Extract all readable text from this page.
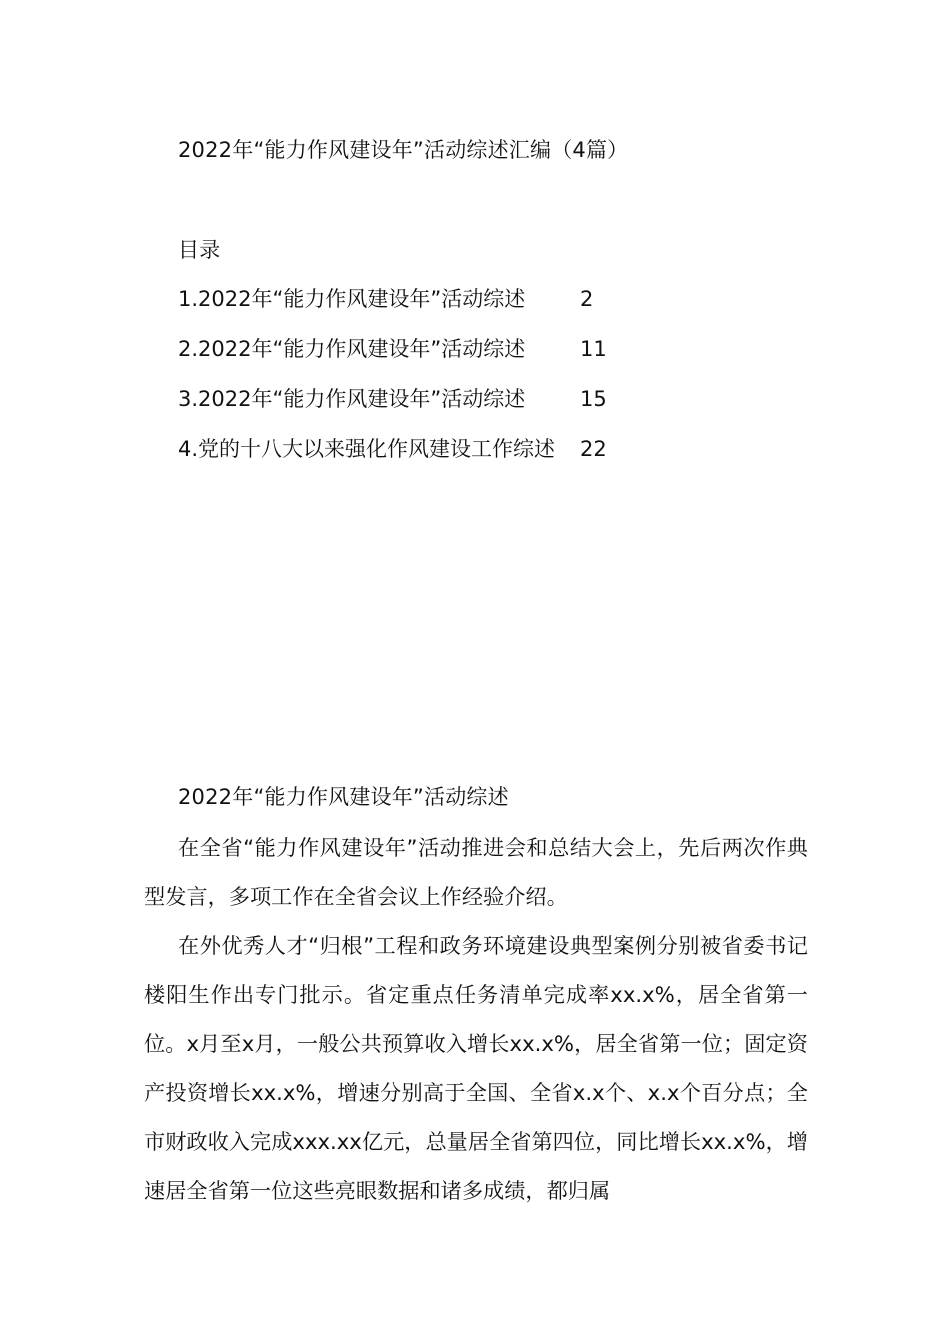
2022年“能力作风建设年”活动综述汇编（4篇）
目录
1.2022年“能力作风建设年”活动综述	2
2.2022年“能力作风建设年”活动综述	11
3.2022年“能力作风建设年”活动综述	15
4.党的十八大以来强化作风建设工作综述 22
2022年“能力作风建设年”活动综述

在全省“能力作风建设年”活动推进会和总结大会上，先后两次作典型发言，多项工作在全省会议上作经验介绍。

在外优秀人才“归根”工程和政务环境建设典型案例分别被省委书记楼阳生作出专门批示。省定重点任务清单完成率xx.x%，居全省第一位。x月至x月，一般公共预算收入增长xx.x%，居全省第一位；固定资产投资增长xx.x%，增速分别高于全国、全省x.x个、x.x个百分点；全市财政收入完成xxx.xx亿元，总量居全省第四位，同比增长xx.x%，增速居全省第一位这些亮眼数据和诸多成绩，都归属
